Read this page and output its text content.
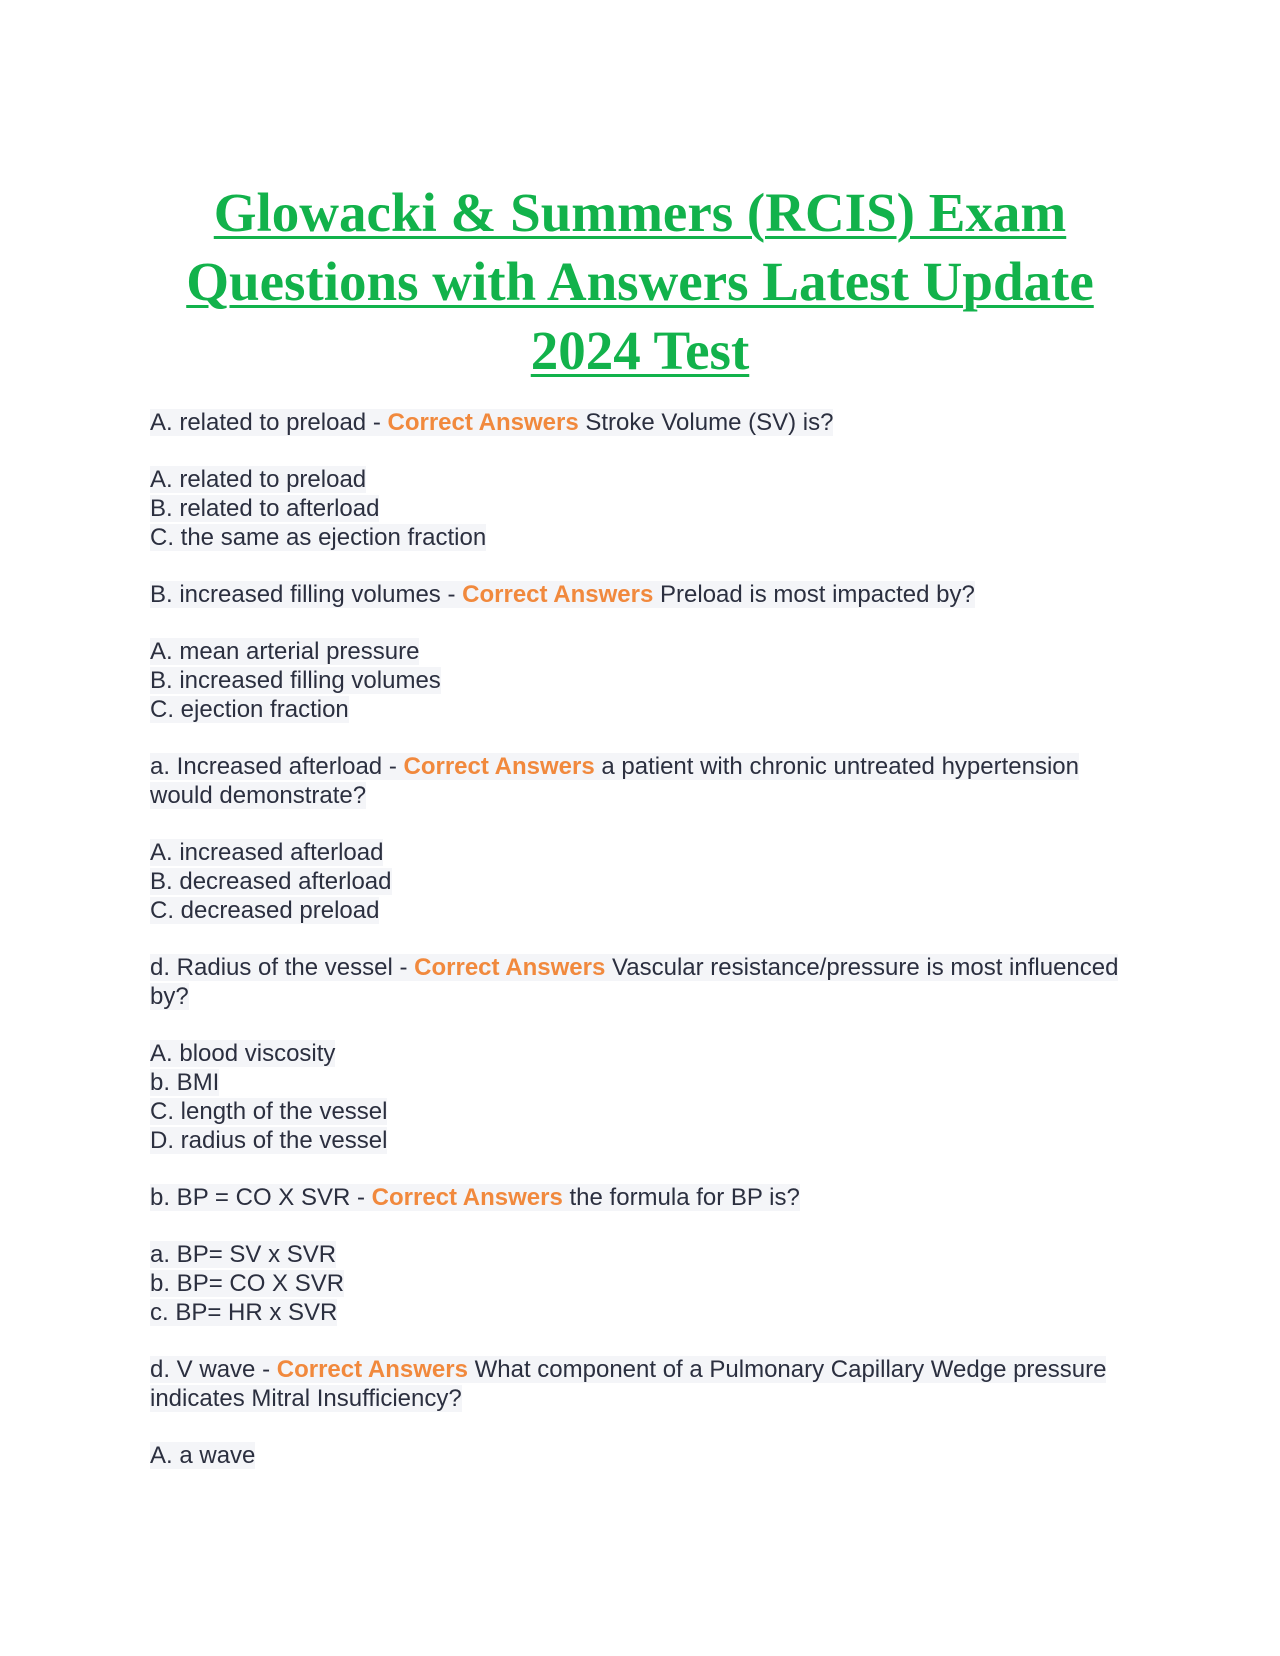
Glowacki & Summers (RCIS) Exam Questions with Answers Latest Update 2024 Test

A. related to preload - Correct Answers Stroke Volume (SV) is?

A. related to preload
B. related to afterload
C. the same as ejection fraction

B. increased filling volumes - Correct Answers Preload is most impacted by?

A. mean arterial pressure
B. increased filling volumes
C. ejection fraction

a. Increased afterload - Correct Answers a patient with chronic untreated hypertension would demonstrate?

A. increased afterload
B. decreased afterload
C. decreased preload

d. Radius of the vessel - Correct Answers Vascular resistance/pressure is most influenced by?

A. blood viscosity
b. BMI
C. length of the vessel
D. radius of the vessel

b. BP = CO X SVR - Correct Answers the formula for BP is?

a. BP= SV x SVR
b. BP= CO X SVR
c. BP= HR x SVR

d. V wave - Correct Answers What component of a Pulmonary Capillary Wedge pressure indicates Mitral Insufficiency?

A. a wave
